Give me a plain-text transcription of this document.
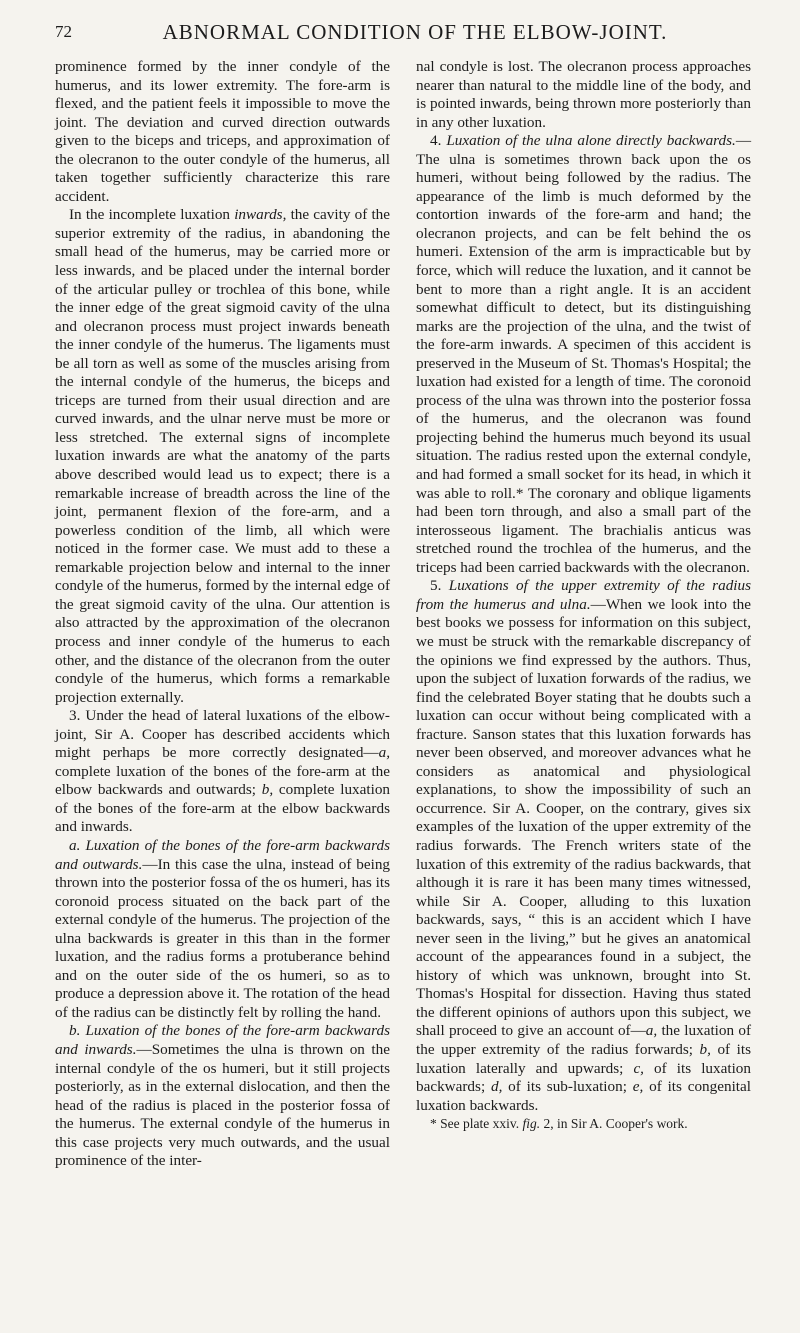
72	ABNORMAL CONDITION OF THE ELBOW-JOINT.

prominence formed by the inner condyle of the humerus, and its lower extremity. The fore-arm is flexed, and the patient feels it impossible to move the joint. The deviation and curved direction outwards given to the biceps and triceps, and approximation of the olecranon to the outer condyle of the humerus, all taken together sufficiently characterize this rare accident.

In the incomplete luxation inwards, the cavity of the superior extremity of the radius, in abandoning the small head of the humerus, may be carried more or less inwards, and be placed under the internal border of the articular pulley or trochlea of this bone, while the inner edge of the great sigmoid cavity of the ulna and olecranon process must project inwards beneath the inner condyle of the humerus. The ligaments must be all torn as well as some of the muscles arising from the internal condyle of the humerus, the biceps and triceps are turned from their usual direction and are curved inwards, and the ulnar nerve must be more or less stretched. The external signs of incomplete luxation inwards are what the anatomy of the parts above described would lead us to expect; there is a remarkable increase of breadth across the line of the joint, permanent flexion of the fore-arm, and a powerless condition of the limb, all which were noticed in the former case. We must add to these a remarkable projection below and internal to the inner condyle of the humerus, formed by the internal edge of the great sigmoid cavity of the ulna. Our attention is also attracted by the approximation of the olecranon process and inner condyle of the humerus to each other, and the distance of the olecranon from the outer condyle of the humerus, which forms a remarkable projection externally.

3. Under the head of lateral luxations of the elbow-joint, Sir A. Cooper has described accidents which might perhaps be more correctly designated—a, complete luxation of the bones of the fore-arm at the elbow backwards and outwards; b, complete luxation of the bones of the fore-arm at the elbow backwards and inwards.

a. Luxation of the bones of the fore-arm backwards and outwards.—In this case the ulna, instead of being thrown into the posterior fossa of the os humeri, has its coronoid process situated on the back part of the external condyle of the humerus. The projection of the ulna backwards is greater in this than in the former luxation, and the radius forms a protuberance behind and on the outer side of the os humeri, so as to produce a depression above it. The rotation of the head of the radius can be distinctly felt by rolling the hand.

b. Luxation of the bones of the fore-arm backwards and inwards.—Sometimes the ulna is thrown on the internal condyle of the os humeri, but it still projects posteriorly, as in the external dislocation, and then the head of the radius is placed in the posterior fossa of the humerus. The external condyle of the humerus in this case projects very much outwards, and the usual prominence of the inter-

nal condyle is lost. The olecranon process approaches nearer than natural to the middle line of the body, and is pointed inwards, being thrown more posteriorly than in any other luxation.

4. Luxation of the ulna alone directly backwards.—The ulna is sometimes thrown back upon the os humeri, without being followed by the radius. The appearance of the limb is much deformed by the contortion inwards of the fore-arm and hand; the olecranon projects, and can be felt behind the os humeri. Extension of the arm is impracticable but by force, which will reduce the luxation, and it cannot be bent to more than a right angle. It is an accident somewhat difficult to detect, but its distinguishing marks are the projection of the ulna, and the twist of the fore-arm inwards. A specimen of this accident is preserved in the Museum of St. Thomas's Hospital; the luxation had existed for a length of time. The coronoid process of the ulna was thrown into the posterior fossa of the humerus, and the olecranon was found projecting behind the humerus much beyond its usual situation. The radius rested upon the external condyle, and had formed a small socket for its head, in which it was able to roll.* The coronary and oblique ligaments had been torn through, and also a small part of the interosseous ligament. The brachialis anticus was stretched round the trochlea of the humerus, and the triceps had been carried backwards with the olecranon.

5. Luxations of the upper extremity of the radius from the humerus and ulna.—When we look into the best books we possess for information on this subject, we must be struck with the remarkable discrepancy of the opinions we find expressed by the authors. Thus, upon the subject of luxation forwards of the radius, we find the celebrated Boyer stating that he doubts such a luxation can occur without being complicated with a fracture. Sanson states that this luxation forwards has never been observed, and moreover advances what he considers as anatomical and physiological explanations, to show the impossibility of such an occurrence. Sir A. Cooper, on the contrary, gives six examples of the luxation of the upper extremity of the radius forwards. The French writers state of the luxation of this extremity of the radius backwards, that although it is rare it has been many times witnessed, while Sir A. Cooper, alluding to this luxation backwards, says, “ this is an accident which I have never seen in the living,” but he gives an anatomical account of the appearances found in a subject, the history of which was unknown, brought into St. Thomas's Hospital for dissection. Having thus stated the different opinions of authors upon this subject, we shall proceed to give an account of—a, the luxation of the upper extremity of the radius forwards; b, of its luxation laterally and upwards; c, of its luxation backwards; d, of its sub-luxation; e, of its congenital luxation backwards.

* See plate xxiv. fig. 2, in Sir A. Cooper's work.
